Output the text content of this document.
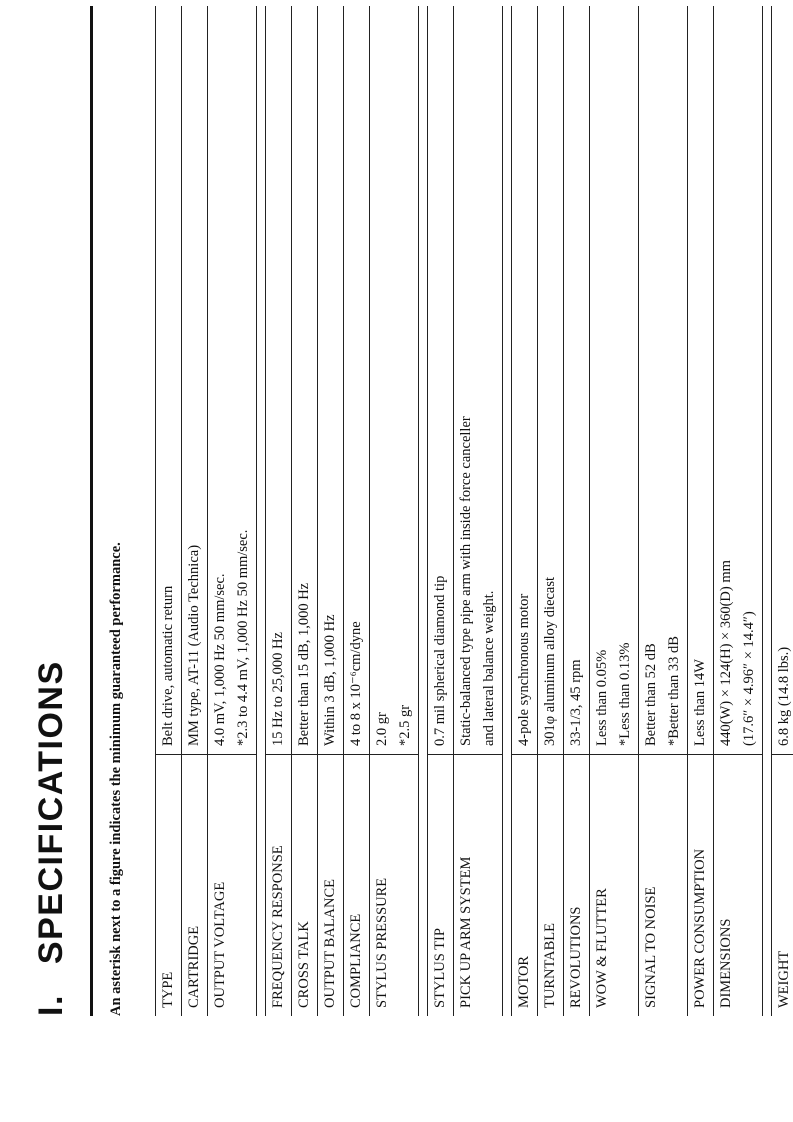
I.SPECIFICATIONS	An asterisk next to a figure indicates the minimum guaranteed performance. TYPE	Belt drive, automatic return

CARTRIDGE	MM type, AT-11 (Audio Technica)

OUTPUT VOLTAGE	4.0 mV, 1,000 Hz 50 mm/sec. *2.3 to 4.4 mV, 1,000 Hz 50 mm/sec.

FREQUENCY RESPONSE	15 Hz to 25,000 Hz

CROSS TALK	Better than 15 dB, 1,000 Hz

OUTPUT BALANCE	Within 3 dB, 1,000 Hz

COMPLIANCE	4 to 8 x 10⁻⁶cm/dyne

STYLUS PRESSURE	2.0 gr *2.5 gr

STYLUS TIP	0.7 mil spherical diamond tip

PICK UP ARM SYSTEM	Static-balanced type pipe arm with inside force canceller and lateral balance weight.

MOTOR	4-pole synchronous motor

TURNTABLE	301φ aluminum alloy diecast

REVOLUTIONS	33-1/3, 45 rpm

WOW & FLUTTER	Less than 0.05% *Less than 0.13%

SIGNAL TO NOISE	Better than 52 dB *Better than 33 dB

POWER CONSUMPTION	Less than 14W

DIMENSIONS	440(W) × 124(H) × 360(D) mm (17.6″ × 4.96″ × 14.4″)

WEIGHT	6.8 kg (14.8 lbs.)
